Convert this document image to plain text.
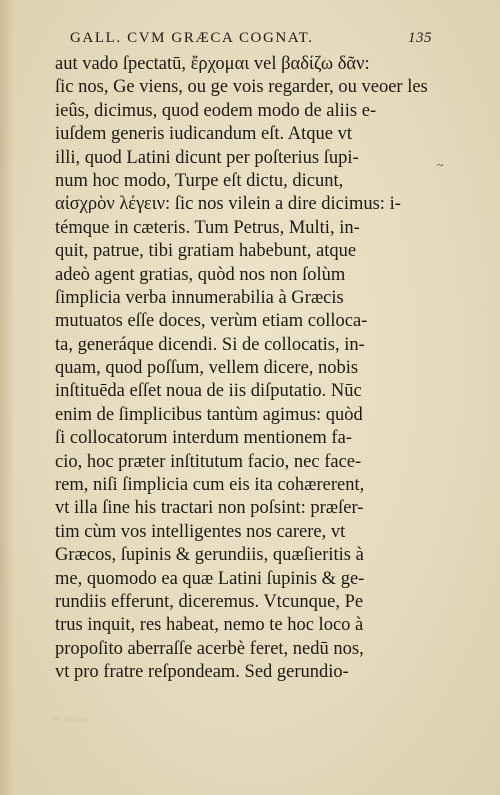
GALL. CVM GRÆCA COGNAT.	135
~
aut vado ſpectatū, ἔρχομαι vel βαδίζω δᾶν:
ſic nos, Ge viens, ou ge vois regarder, ou veoer les
ieûs, dicimus, quod eodem modo de aliis e-
iuſdem generis iudicandum eſt. Atque vt
illi, quod Latini dicunt per poſterius ſupi-
num hoc modo, Turpe eſt dictu, dicunt,
αἰσχρὸν λέγειν: ſic nos vilein a dire dicimus: i-
témque in cæteris. Tum Petrus, Multi, in-
quit, patrue, tibi gratiam habebunt, atque
adeò agent gratias, quòd nos non ſolùm
ſimplicia verba innumerabilia à Græcis
mutuatos eſſe doces, verùm etiam colloca-
ta, generáque dicendi. Si de collocatis, in-
quam, quod poſſum, vellem dicere, nobis
inſtituēda eſſet noua de iis diſputatio. Nūc
enim de ſimplicibus tantùm agimus: quòd
ſi collocatorum interdum mentionem fa-
cio, hoc præter inſtitutum facio, nec face-
rem, niſi ſimplicia cum eis ita cohærerent,
vt illa ſine his tractari non poſsint: præſer-
tim cùm vos intelligentes nos carere, vt
Græcos, ſupinis & gerundiis, quæſieritis à
me, quomodo ea quæ Latini ſupinis & ge-
rundiis efferunt, diceremus. Vtcunque, Pe
trus inquit, res habeat, nemo te hoc loco à
propoſito aberraſſe acerbè feret, nedū nos,
vt pro fratre reſpondeam. Sed gerundio-
m aslue
